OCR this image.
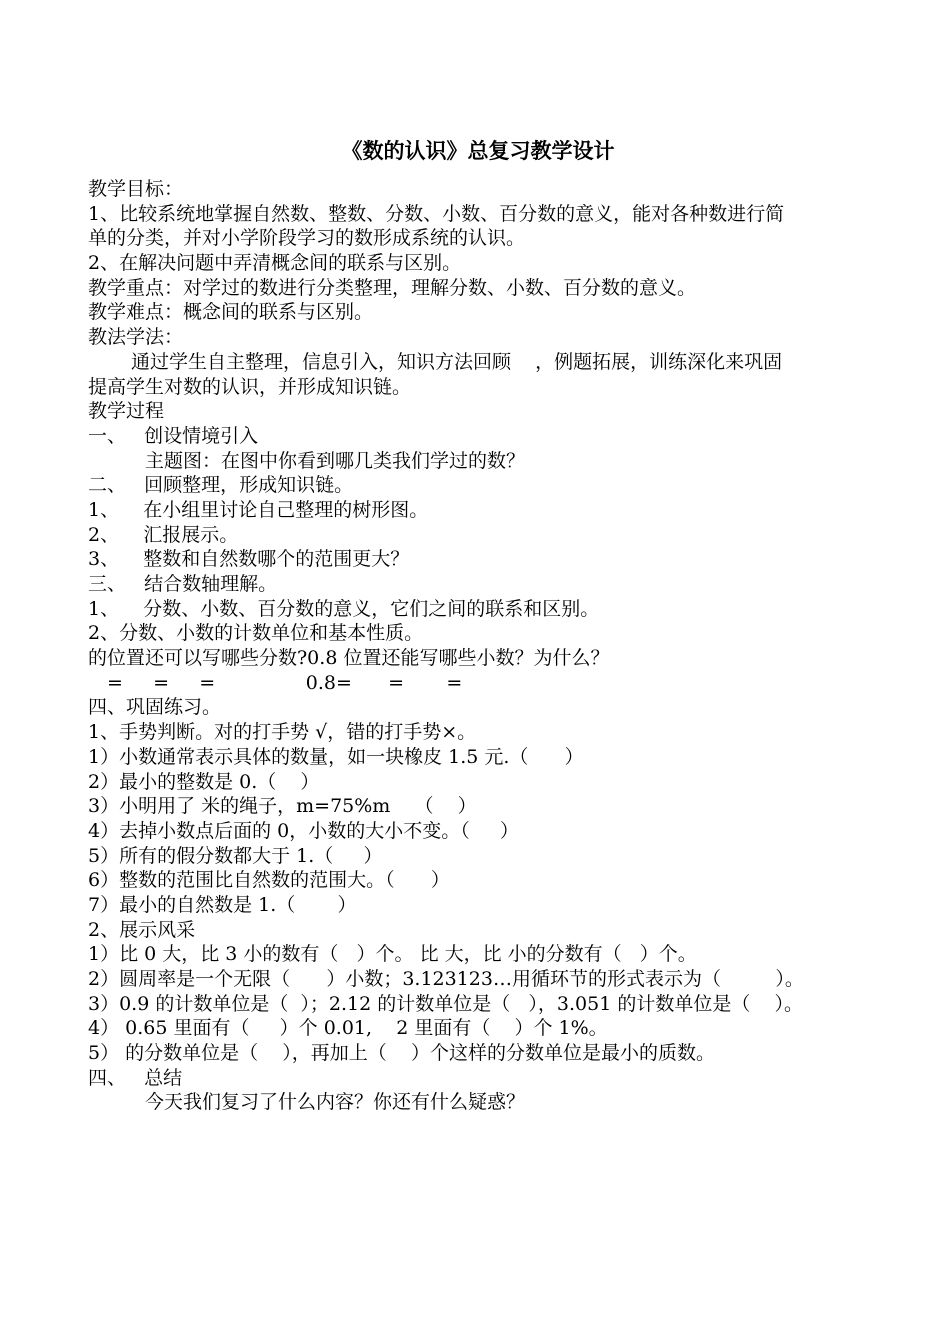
《数的认识》总复习教学设计
教学目标：
1、比较系统地掌握自然数、整数、分数、小数、百分数的意义，能对各种数进行简
单的分类，并对小学阶段学习的数形成系统的认识。
2、在解决问题中弄清概念间的联系与区别。
教学重点：对学过的数进行分类整理，理解分数、小数、百分数的意义。
教学难点：概念间的联系与区别。
教法学法：
通过学生自主整理，信息引入，知识方法回顾    ，例题拓展，训练深化来巩固
提高学生对数的认识，并形成知识链。
教学过程
一、   创设情境引入
主题图：在图中你看到哪几类我们学过的数？
二、   回顾整理，形成知识链。
1、    在小组里讨论自己整理的树形图。
2、    汇报展示。
3、    整数和自然数哪个的范围更大？
三、   结合数轴理解。
1、    分数、小数、百分数的意义，它们之间的联系和区别。
2、分数、小数的计数单位和基本性质。
的位置还可以写哪些分数?0.8 位置还能写哪些小数？为什么？
=     =     =               0.8=      =       =
四、巩固练习。
1、手势判断。对的打手势 √，错的打手势×。
1）小数通常表示具体的数量，如一块橡皮 1.5 元.（      ）
2）最小的整数是 0.（    ）
3）小明用了 米的绳子，m=75%m    （    ）
4）去掉小数点后面的 0，小数的大小不变。（     ）
5）所有的假分数都大于 1.（     ）
6）整数的范围比自然数的范围大。（      ）
7）最小的自然数是 1.（       ）
2、展示风采
1）比 0 大，比 3 小的数有（   ）个。 比 大，比 小的分数有（   ）个。
2）圆周率是一个无限（      ）小数；3.123123…用循环节的形式表示为（         ）。
3）0.9 的计数单位是（  ）；2.12 的计数单位是（   ），3.051 的计数单位是（    ）。
4） 0.65 里面有（     ）个 0.01,    2 里面有（    ）个 1%。
5） 的分数单位是（    ），再加上（    ）个这样的分数单位是最小的质数。
四、   总结
今天我们复习了什么内容？你还有什么疑惑？
